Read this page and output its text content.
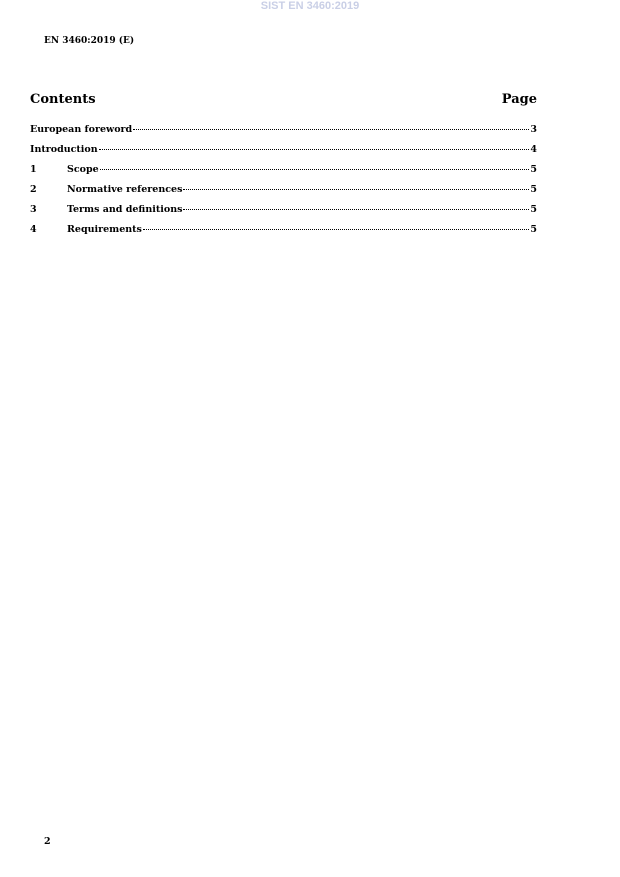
SIST EN 3460:2019
EN 3460:2019 (E)
Contents	Page
European foreword	3
Introduction	4
1	Scope	5
2	Normative references	5
3	Terms and definitions	5
4	Requirements	5
2
